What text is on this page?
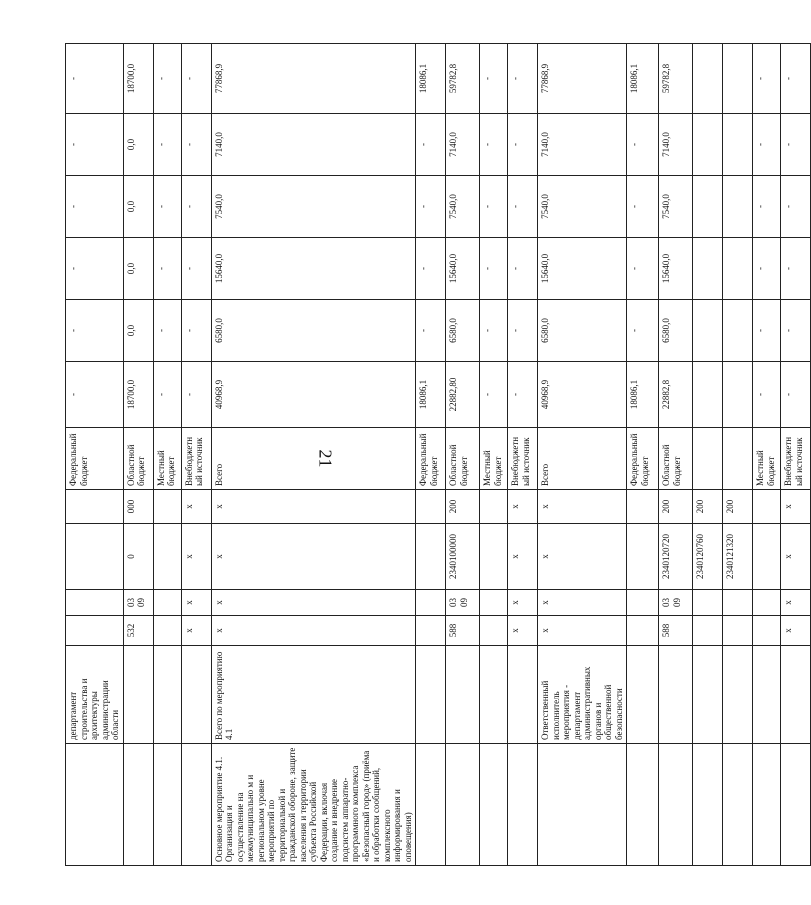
21
	департамент строительства и архитектуры администрации области					Федеральный бюджет	-	-	-	-	-	-
		532	03 09	0	000	Областной бюджет	18700,0	0,0	0,0	0,0	0,0	18700,0
						Местный бюджет	-	-	-	-	-	-
		х	х	х	х	Внебюджетный источник	-	-	-	-	-	-
Основное мероприятие 4.1. Организация и осуществление на межмуниципально м и региональном уровне мероприятий по территориальной и гражданской обороне, защите населения и территории субъекта Российской Федерации, включая создание и внедрение подсистем аппаратно-программного комплекса «Безопасный город» (приёма и обработки сообщений, комплексного информирования и оповещения)	Всего по мероприятию 4.1	х	х	х	х	Всего	40968,9	6580,0	15640,0	7540,0	7140,0	77868,9
						Федеральный бюджет	18086,1	-	-	-	-	18086,1
		588	03 09	2340100000	200	Областной бюджет	22882,80	6580,0	15640,0	7540,0	7140,0	59782,8
						Местный бюджет	-	-	-	-	-	-
		х	х	х	х	Внебюджетный источник	-	-	-	-	-	-
	Ответственный исполнитель мероприятия - департамент административных органов и общественной безопасности	х	х	х	х	Всего	40968,9	6580,0	15640,0	7540,0	7140,0	77868,9
						Федеральный бюджет	18086,1	-	-	-	-	18086,1
		588	03 09	2340120720	200	Областной бюджет	22882,8	6580,0	15640,0	7540,0	7140,0	59782,8
				2340120760	200							
				2340121320	200							
						Местный бюджет	-	-	-	-	-	-
		х	х	х	х	Внебюджетный источник	-	-	-	-	-	-
